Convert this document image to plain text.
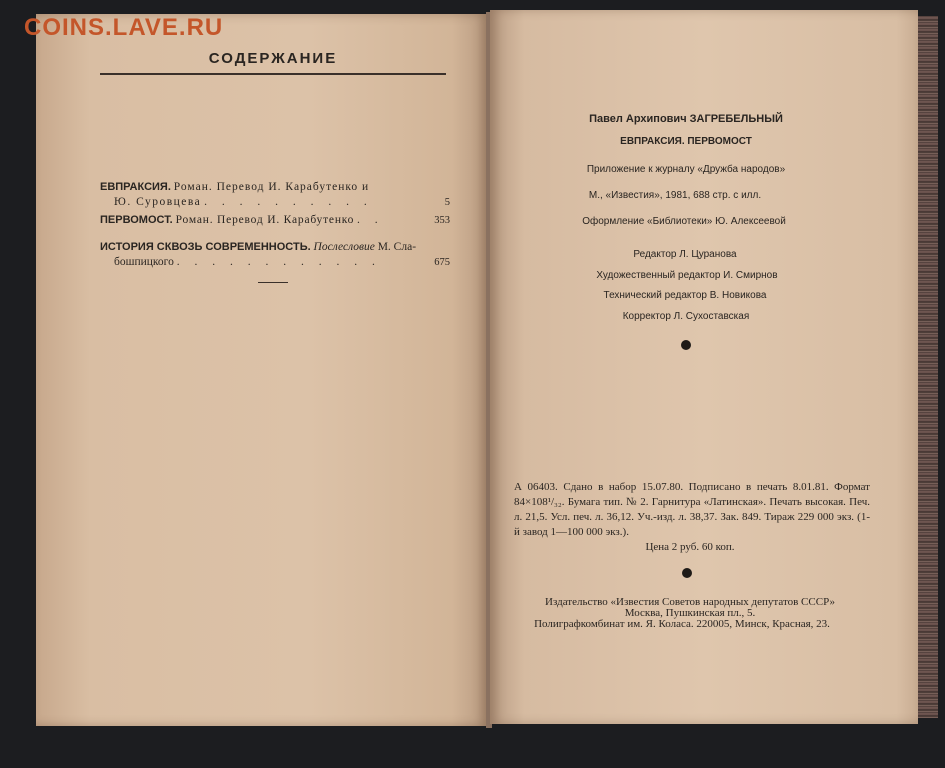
COINS.LAVE.RU
СОДЕРЖАНИЕ
ЕВПРАКСИЯ. Роман. Перевод И. Карабутенко и
Ю. Суровцева . . . . . . . . . .	5
ПЕРВОМОСТ. Роман. Перевод И. Карабутенко . .	353
ИСТОРИЯ СКВОЗЬ СОВРЕМЕННОСТЬ. Послесловие М. Сла-
бошпицкого . . . . . . . . . . . .	675
Павел Архипович ЗАГРЕБЕЛЬНЫЙ
ЕВПРАКСИЯ. ПЕРВОМОСТ
Приложение к журналу «Дружба народов»
М., «Известия», 1981, 688 стр. с илл.
Оформление «Библиотеки» Ю. Алексеевой
Редактор Л. Цуранова
Художественный редактор И. Смирнов
Технический редактор В. Новикова
Корректор Л. Сухоставская
А 06403. Сдано в набор 15.07.80. Подписано в печать 8.01.81. Формат 84×108¹/₃₂. Бумага тип. № 2. Гарнитура «Латинская». Печать высокая. Печ. л. 21,5. Усл. печ. л. 36,12. Уч.-изд. л. 38,37. Зак. 849. Тираж 229 000 экз. (1-й завод 1—100 000 экз.).
Цена 2 руб. 60 коп.
Издательство «Известия Советов народных депутатов СССР»
Москва, Пушкинская пл., 5.
Полиграфкомбинат им. Я. Коласа. 220005, Минск, Красная, 23.
